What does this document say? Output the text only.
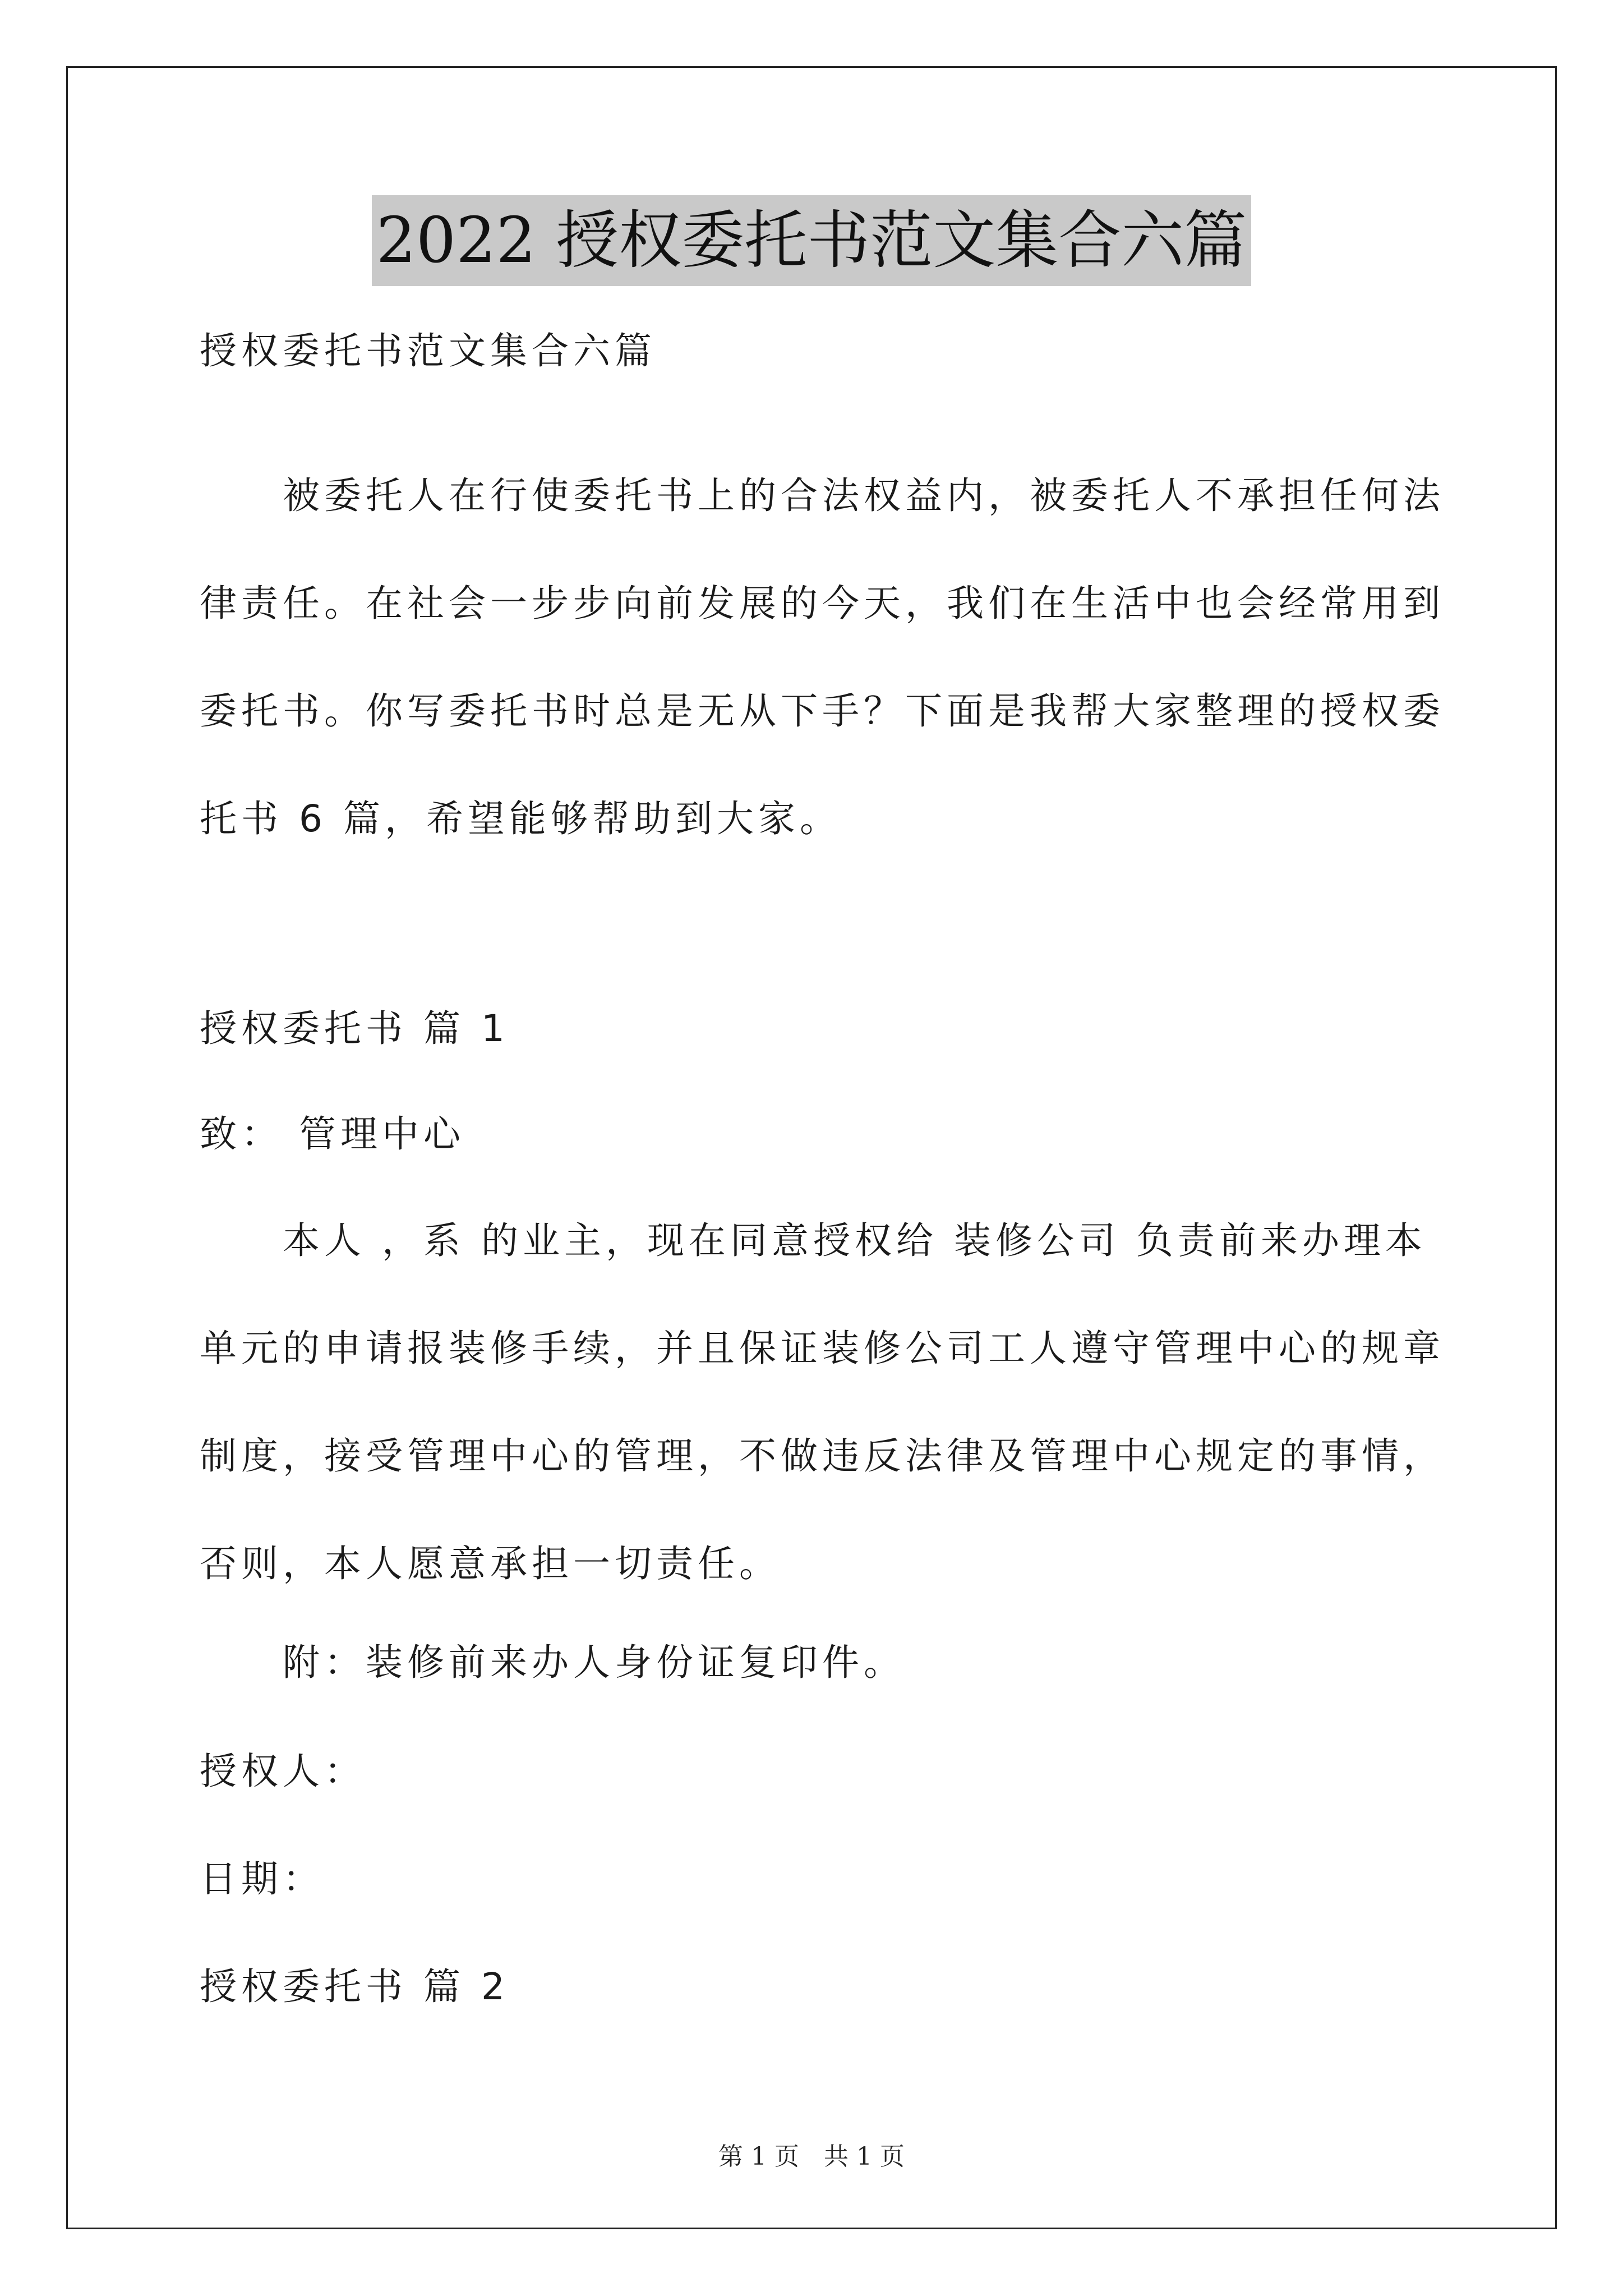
2022 授权委托书范文集合六篇
授权委托书范文集合六篇
被委托人在行使委托书上的合法权益内，被委托人不承担任何法
律责任。在社会一步步向前发展的今天，我们在生活中也会经常用到
委托书。你写委托书时总是无从下手？下面是我帮大家整理的授权委
托书 6 篇，希望能够帮助到大家。
授权委托书 篇 1
致： 管理中心
本人 ，系 的业主，现在同意授权给 装修公司 负责前来办理本
单元的申请报装修手续，并且保证装修公司工人遵守管理中心的规章
制度，接受管理中心的管理，不做违反法律及管理中心规定的事情，
否则，本人愿意承担一切责任。
附：装修前来办人身份证复印件。
授权人：
日期：
授权委托书 篇 2
第 1 页　共 1 页
